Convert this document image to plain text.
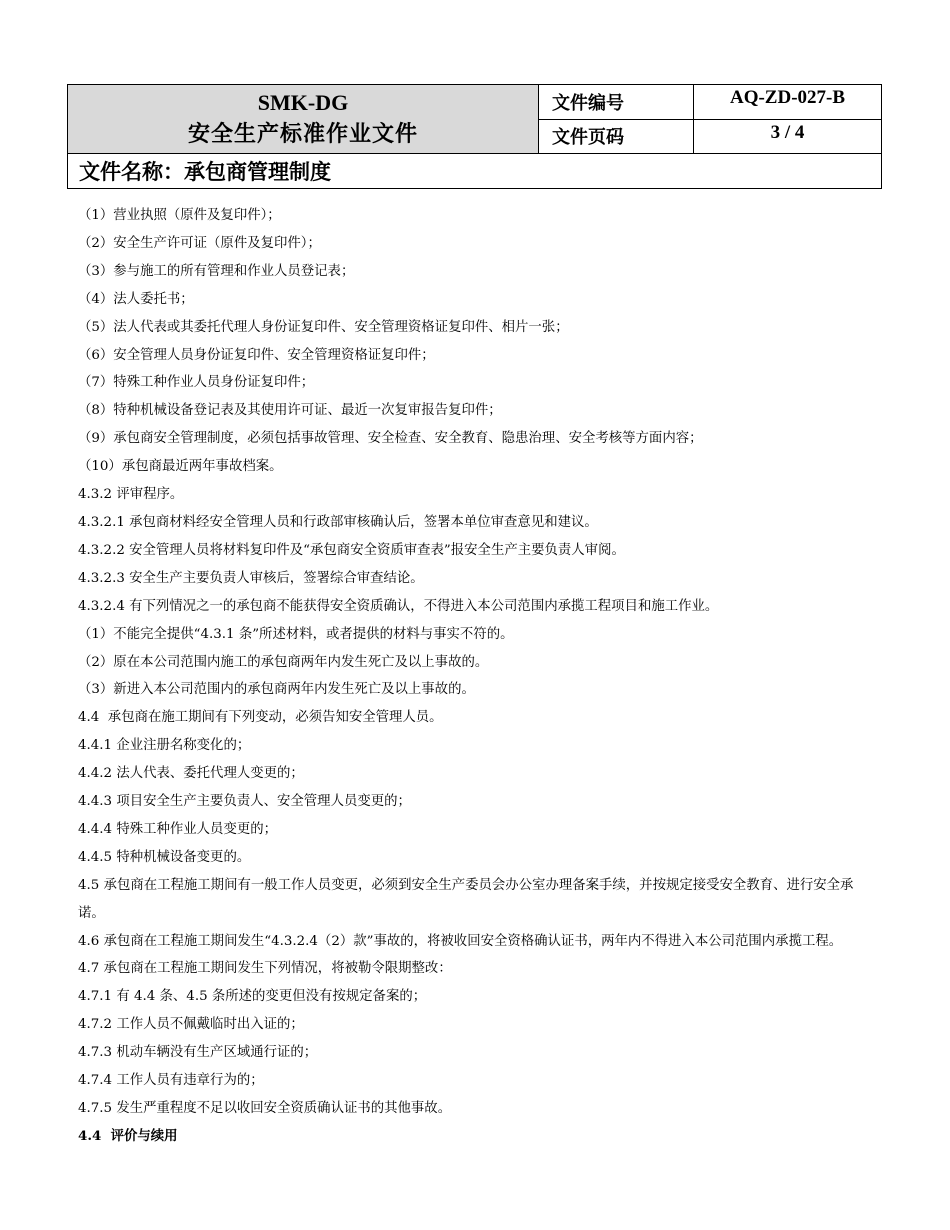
SMK-DG
安全生产标准作业文件	文件编号	AQ-ZD-027-B
	文件页码	3 / 4
文件名称：承包商管理制度		
（1）营业执照（原件及复印件）；
（2）安全生产许可证（原件及复印件）；
（3）参与施工的所有管理和作业人员登记表；
（4）法人委托书；
（5）法人代表或其委托代理人身份证复印件、安全管理资格证复印件、相片一张；
（6）安全管理人员身份证复印件、安全管理资格证复印件；
（7）特殊工种作业人员身份证复印件；
（8）特种机械设备登记表及其使用许可证、最近一次复审报告复印件；
（9）承包商安全管理制度，必须包括事故管理、安全检查、安全教育、隐患治理、安全考核等方面内容；
（10）承包商最近两年事故档案。
4.3.2 评审程序。
4.3.2.1 承包商材料经安全管理人员和行政部审核确认后，签署本单位审查意见和建议。
4.3.2.2 安全管理人员将材料复印件及“承包商安全资质审查表”报安全生产主要负责人审阅。
4.3.2.3 安全生产主要负责人审核后，签署综合审查结论。
4.3.2.4 有下列情况之一的承包商不能获得安全资质确认，不得进入本公司范围内承揽工程项目和施工作业。
（1）不能完全提供“4.3.1 条”所述材料，或者提供的材料与事实不符的。
（2）原在本公司范围内施工的承包商两年内发生死亡及以上事故的。
（3）新进入本公司范围内的承包商两年内发生死亡及以上事故的。
4.4  承包商在施工期间有下列变动，必须告知安全管理人员。
4.4.1 企业注册名称变化的；
4.4.2 法人代表、委托代理人变更的；
4.4.3 项目安全生产主要负责人、安全管理人员变更的；
4.4.4 特殊工种作业人员变更的；
4.4.5 特种机械设备变更的。
4.5 承包商在工程施工期间有一般工作人员变更，必须到安全生产委员会办公室办理备案手续，并按规定接受安全教育、进行安全承诺。
4.6 承包商在工程施工期间发生“4.3.2.4（2）款”事故的，将被收回安全资格确认证书，两年内不得进入本公司范围内承揽工程。
4.7 承包商在工程施工期间发生下列情况，将被勒令限期整改：
4.7.1 有 4.4 条、4.5 条所述的变更但没有按规定备案的；
4.7.2 工作人员不佩戴临时出入证的；
4.7.3 机动车辆没有生产区域通行证的；
4.7.4 工作人员有违章行为的；
4.7.5 发生严重程度不足以收回安全资质确认证书的其他事故。
4.4  评价与续用
